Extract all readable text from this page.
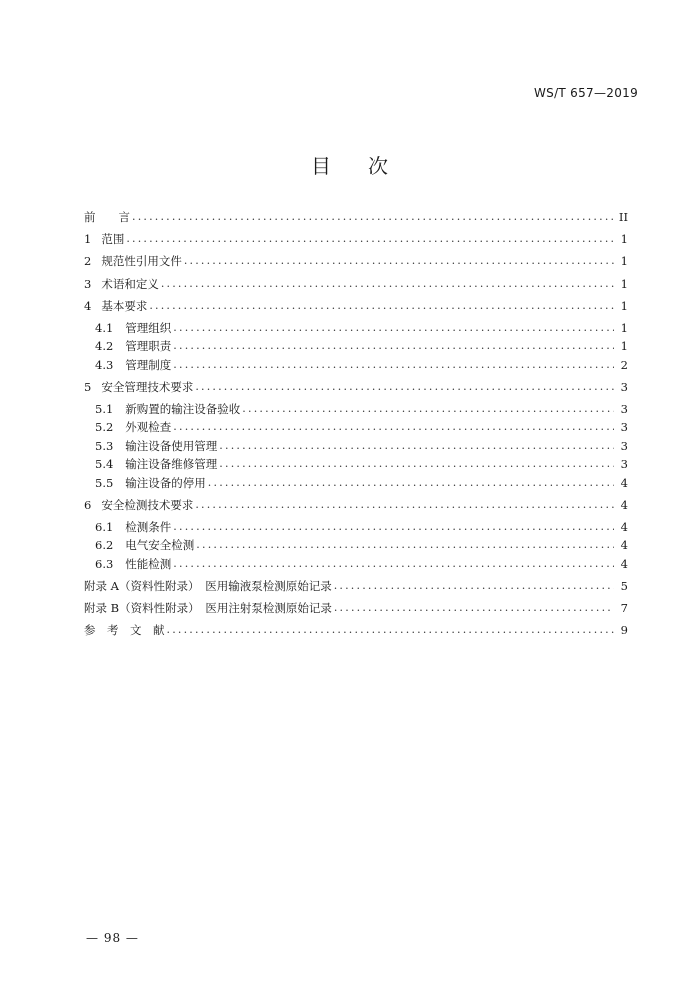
WS/T 657—2019
目 次
前　　言 .....	II
1 范围 .....	1
2 规范性引用文件 .....	1
3 术语和定义 .....	1
4 基本要求 .....	1
4.1 管理组织 .....	1
4.2 管理职责 .....	1
4.3 管理制度 .....	2
5 安全管理技术要求 .....	3
5.1 新购置的输注设备验收 .....	3
5.2 外观检查 .....	3
5.3 输注设备使用管理 .....	3
5.4 输注设备维修管理 .....	3
5.5 输注设备的停用 .....	4
6 安全检测技术要求 .....	4
6.1 检测条件 .....	4
6.2 电气安全检测 .....	4
6.3 性能检测 .....	4
附录 A（资料性附录）　医用输液泵检测原始记录 .....	5
附录 B（资料性附录）　医用注射泵检测原始记录 .....	7
参　考　文　献 .....	9
— 98 —
